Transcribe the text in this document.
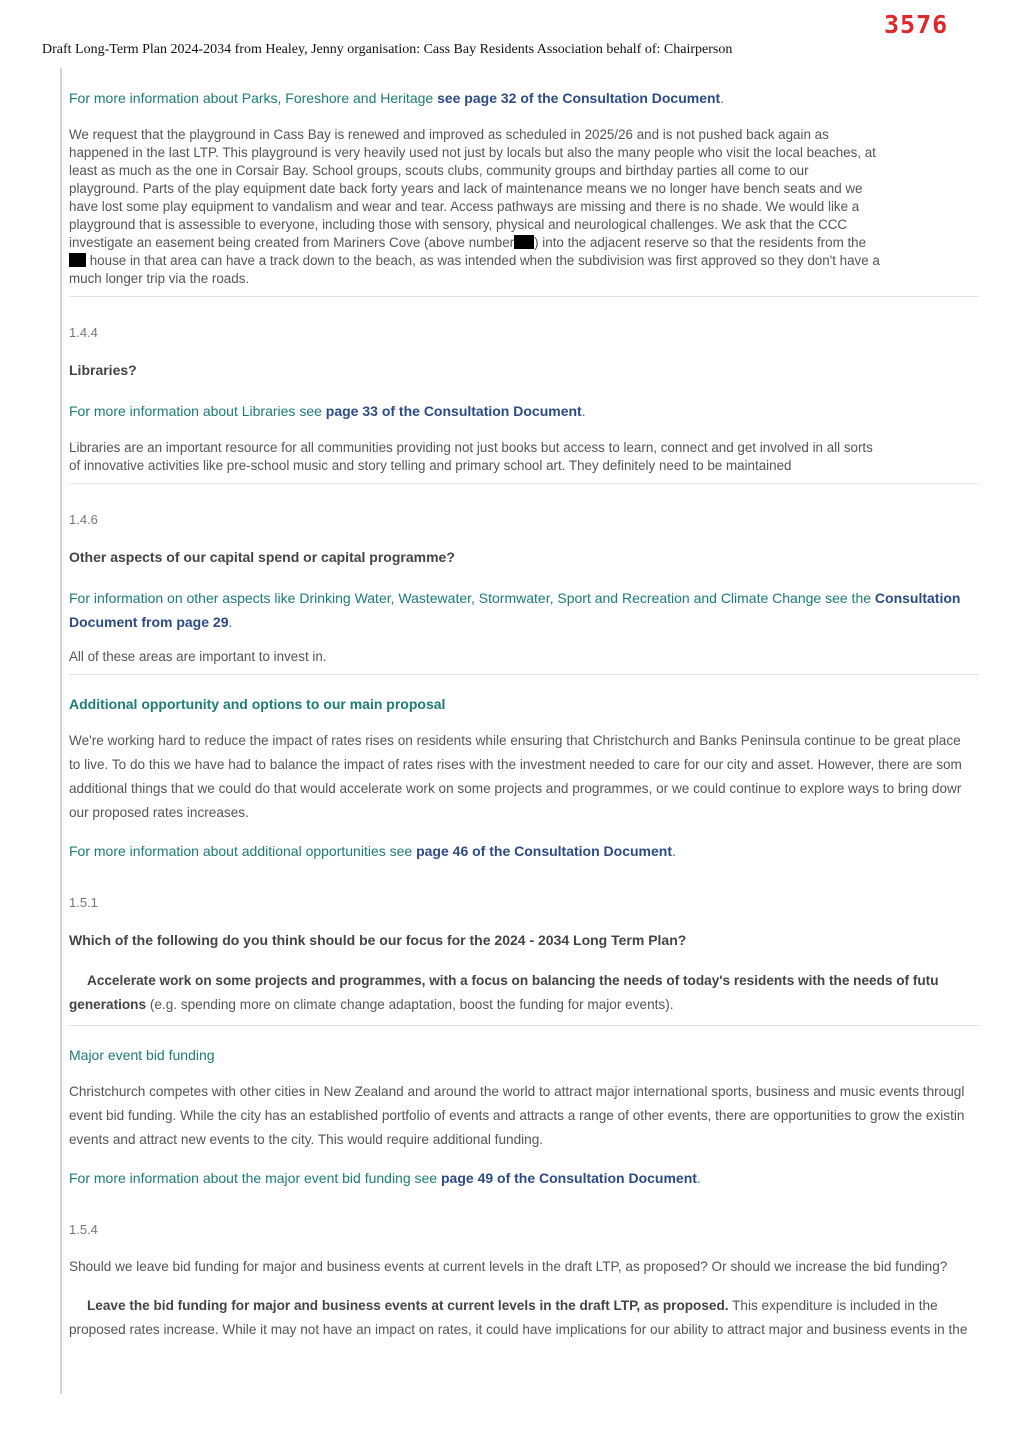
3576
Draft Long-Term Plan 2024-2034 from Healey, Jenny organisation: Cass Bay Residents Association behalf of: Chairperson

For more information about Parks, Foreshore and Heritage see page 32 of the Consultation Document.

We request that the playground in Cass Bay is renewed and improved as scheduled in 2025/26 and is not pushed back again as

happened in the last LTP. This playground is very heavily used not just by locals but also the many people who visit the local beaches, at

least as much as the one in Corsair Bay. School groups, scouts clubs, community groups and birthday parties all come to our

playground. Parts of the play equipment date back forty years and lack of maintenance means we no longer have bench seats and we

have lost some play equipment to vandalism and wear and tear. Access pathways are missing and there is no shade. We would like a

playground that is assessible to everyone, including those with sensory, physical and neurological challenges. We ask that the CCC

investigate an easement being created from Mariners Cove (above number ) into the adjacent reserve so that the residents from the

house in that area can have a track down to the beach, as was intended when the subdivision was first approved so they don't have a

much longer trip via the roads.

1.4.4

Libraries?

For more information about Libraries see page 33 of the Consultation Document.

Libraries are an important resource for all communities providing not just books but access to learn, connect and get involved in all sorts

of innovative activities like pre-school music and story telling and primary school art. They definitely need to be maintained

1.4.6

Other aspects of our capital spend or capital programme?

For information on other aspects like Drinking Water, Wastewater, Stormwater, Sport and Recreation and Climate Change see the Consultation
Document from page 29.

All of these areas are important to invest in.

Additional opportunity and options to our main proposal

We're working hard to reduce the impact of rates rises on residents while ensuring that Christchurch and Banks Peninsula continue to be great place

to live. To do this we have had to balance the impact of rates rises with the investment needed to care for our city and asset. However, there are som

additional things that we could do that would accelerate work on some projects and programmes, or we could continue to explore ways to bring dowr

our proposed rates increases.

For more information about additional opportunities see page 46 of the Consultation Document.

1.5.1

Which of the following do you think should be our focus for the 2024 - 2034 Long Term Plan?

Accelerate work on some projects and programmes, with a focus on balancing the needs of today's residents with the needs of futu

generations (e.g. spending more on climate change adaptation, boost the funding for major events).

Major event bid funding

Christchurch competes with other cities in New Zealand and around the world to attract major international sports, business and music events througl

event bid funding. While the city has an established portfolio of events and attracts a range of other events, there are opportunities to grow the existin

events and attract new events to the city. This would require additional funding.

For more information about the major event bid funding see page 49 of the Consultation Document.

1.5.4

Should we leave bid funding for major and business events at current levels in the draft LTP, as proposed? Or should we increase the bid funding?

Leave the bid funding for major and business events at current levels in the draft LTP, as proposed. This expenditure is included in the

proposed rates increase. While it may not have an impact on rates, it could have implications for our ability to attract major and business events in the
